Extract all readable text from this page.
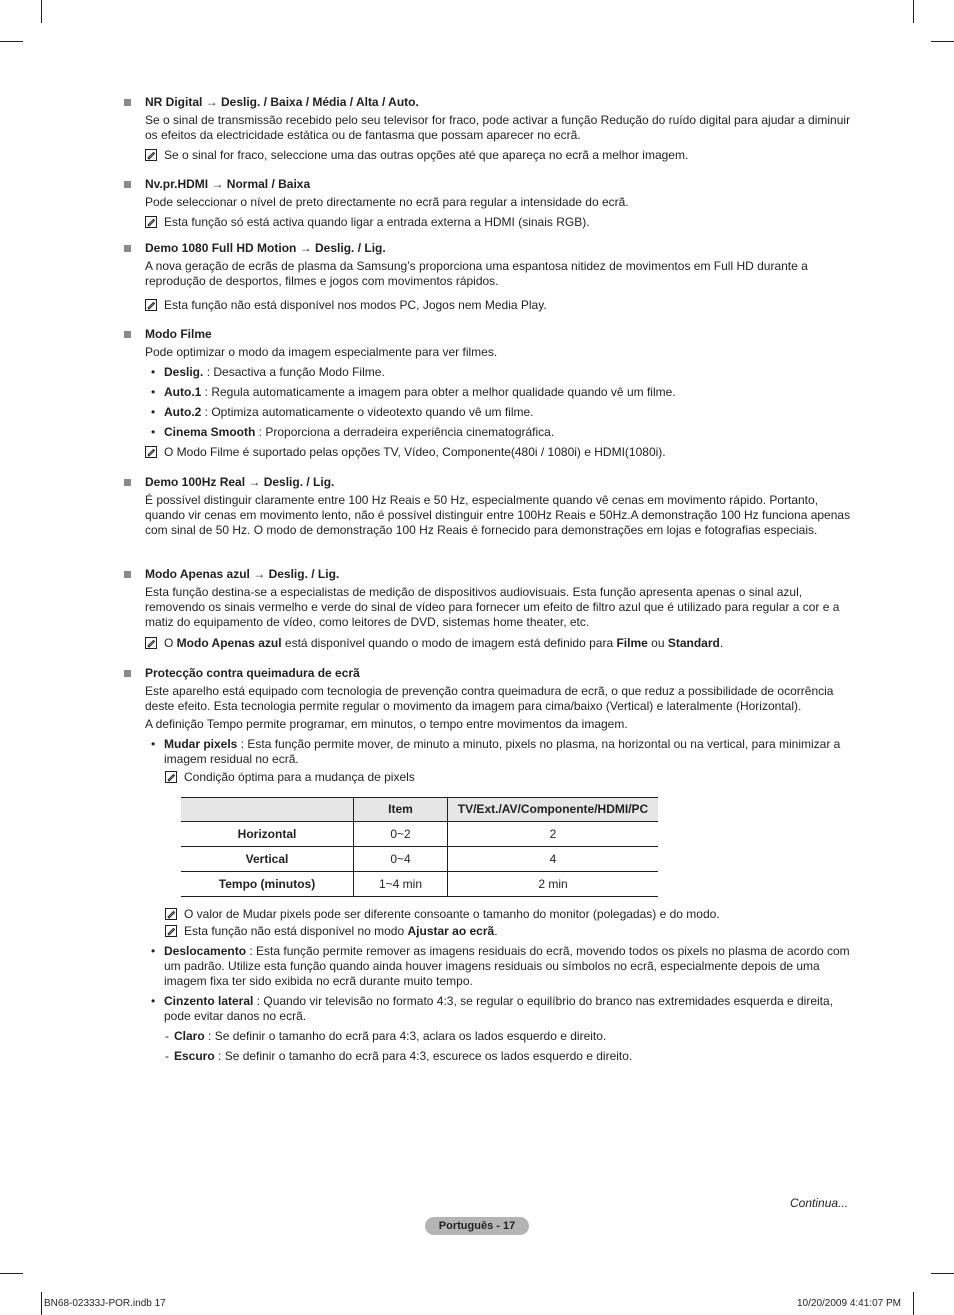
NR Digital → Deslig. / Baixa / Média / Alta / Auto.
Se o sinal de transmissão recebido pelo seu televisor for fraco, pode activar a função Redução do ruído digital para ajudar a diminuir os efeitos da electricidade estática ou de fantasma que possam aparecer no ecrã.
Se o sinal for fraco, seleccione uma das outras opções até que apareça no ecrã a melhor imagem.
Nv.pr.HDMI → Normal / Baixa
Pode seleccionar o nível de preto directamente no ecrã para regular a intensidade do ecrã.
Esta função só está activa quando ligar a entrada externa a HDMI (sinais RGB).
Demo 1080 Full HD Motion → Deslig. / Lig.
A nova geração de ecrãs de plasma da Samsung’s proporciona uma espantosa nitidez de movimentos em Full HD durante a reprodução de desportos, filmes e jogos com movimentos rápidos.
Esta função não está disponível nos modos PC, Jogos nem Media Play.
Modo Filme
Pode optimizar o modo da imagem especialmente para ver filmes.
• Deslig. : Desactiva a função Modo Filme.
• Auto.1 : Regula automaticamente a imagem para obter a melhor qualidade quando vê um filme.
• Auto.2 : Optimiza automaticamente o videotexto quando vê um filme.
• Cinema Smooth : Proporciona a derradeira experiência cinematográfica.
O Modo Filme é suportado pelas opções TV, Vídeo, Componente(480i / 1080i) e HDMI(1080i).
Demo 100Hz Real → Deslig. / Lig.
É possível distinguir claramente entre 100 Hz Reais e 50 Hz, especialmente quando vê cenas em movimento rápido. Portanto, quando vir cenas em movimento lento, não é possível distinguir entre 100Hz Reais e 50Hz.A demonstração 100 Hz funciona apenas com sinal de 50 Hz. O modo de demonstração 100 Hz Reais é fornecido para demonstrações em lojas e fotografias especiais.
Modo Apenas azul → Deslig. / Lig.
Esta função destina-se a especialistas de medição de dispositivos audiovisuais. Esta função apresenta apenas o sinal azul, removendo os sinais vermelho e verde do sinal de vídeo para fornecer um efeito de filtro azul que é utilizado para regular a cor e a matiz do equipamento de vídeo, como leitores de DVD, sistemas home theater, etc.
O Modo Apenas azul está disponível quando o modo de imagem está definido para Filme ou Standard.
Protecção contra queimadura de ecrã
Este aparelho está equipado com tecnologia de prevenção contra queimadura de ecrã, o que reduz a possibilidade de ocorrência deste efeito. Esta tecnologia permite regular o movimento da imagem para cima/baixo (Vertical) e lateralmente (Horizontal).
A definição Tempo permite programar, em minutos, o tempo entre movimentos da imagem.
• Mudar pixels : Esta função permite mover, de minuto a minuto, pixels no plasma, na horizontal ou na vertical, para minimizar a imagem residual no ecrã.
Condição óptima para a mudança de pixels
	Item	TV/Ext./AV/Componente/HDMI/PC
Horizontal	0~2	2
Vertical	0~4	4
Tempo (minutos)	1~4 min	2 min
O valor de Mudar pixels pode ser diferente consoante o tamanho do monitor (polegadas) e do modo.
Esta função não está disponível no modo Ajustar ao ecrã.
• Deslocamento : Esta função permite remover as imagens residuais do ecrã, movendo todos os pixels no plasma de acordo com um padrão. Utilize esta função quando ainda houver imagens residuais ou símbolos no ecrã, especialmente depois de uma imagem fixa ter sido exibida no ecrã durante muito tempo.
• Cinzento lateral : Quando vir televisão no formato 4:3, se regular o equilíbrio do branco nas extremidades esquerda e direita, pode evitar danos no ecrã.
- Claro : Se definir o tamanho do ecrã para 4:3, aclara os lados esquerdo e direito.
- Escuro : Se definir o tamanho do ecrã para 4:3, escurece os lados esquerdo e direito.
Continua...
Português - 17
BN68-02333J-POR.indb 17	10/20/2009 4:41:07 PM
